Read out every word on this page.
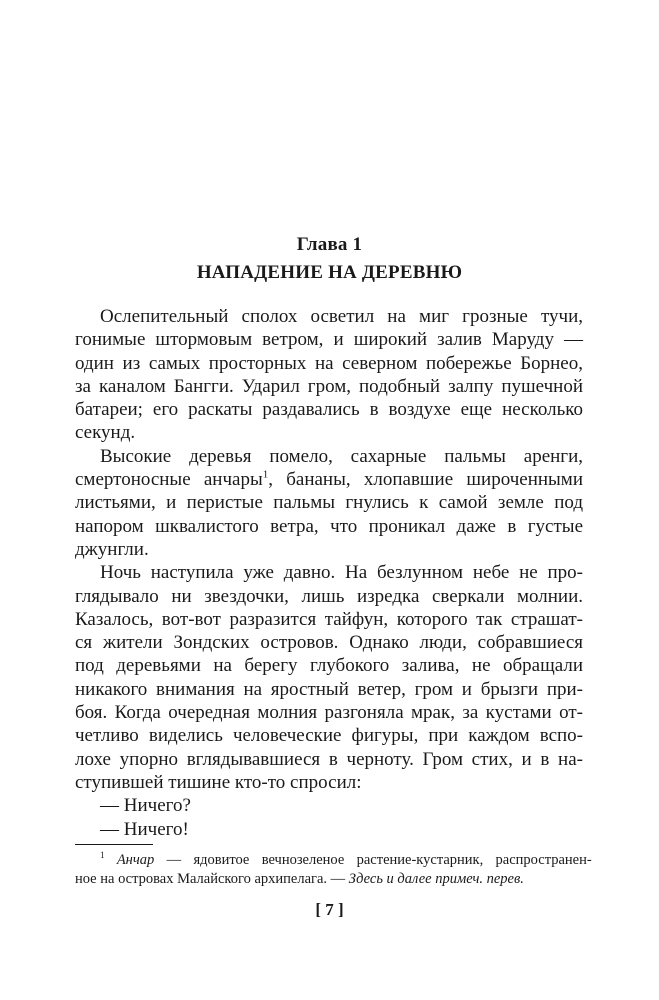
Глава 1
НАПАДЕНИЕ НА ДЕРЕВНЮ
Ослепительный сполох осветил на миг грозные тучи,
гонимые штормовым ветром, и широкий залив Маруду —
один из самых просторных на северном побережье Борнео,
за каналом Бангги. Ударил гром, подобный залпу пушечной
батареи; его раскаты раздавались в воздухе еще несколько
секунд.
Высокие деревья помело, сахарные пальмы аренги,
смертоносные анчары$^1$, бананы, хлопавшие широченными
листьями, и перистые пальмы гнулись к самой земле под
напором шквалистого ветра, что проникал даже в густые
джунгли.
Ночь наступила уже давно. На безлунном небе не про-
глядывало ни звездочки, лишь изредка сверкали молнии.
Казалось, вот-вот разразится тайфун, которого так страшат-
ся жители Зондских островов. Однако люди, собравшиеся
под деревьями на берегу глубокого залива, не обращали
никакого внимания на яростный ветер, гром и брызги при-
боя. Когда очередная молния разгоняла мрак, за кустами от-
четливо виделись человеческие фигуры, при каждом вспо-
лохе упорно вглядывавшиеся в черноту. Гром стих, и в на-
ступившей тишине кто-то спросил:
— Ничего?
— Ничего!
$^1$ Анчар — ядовитое вечнозеленое растение-кустарник, распространен-
ное на островах Малайского архипелага. — Здесь и далее примеч. перев.
[ 7 ]
